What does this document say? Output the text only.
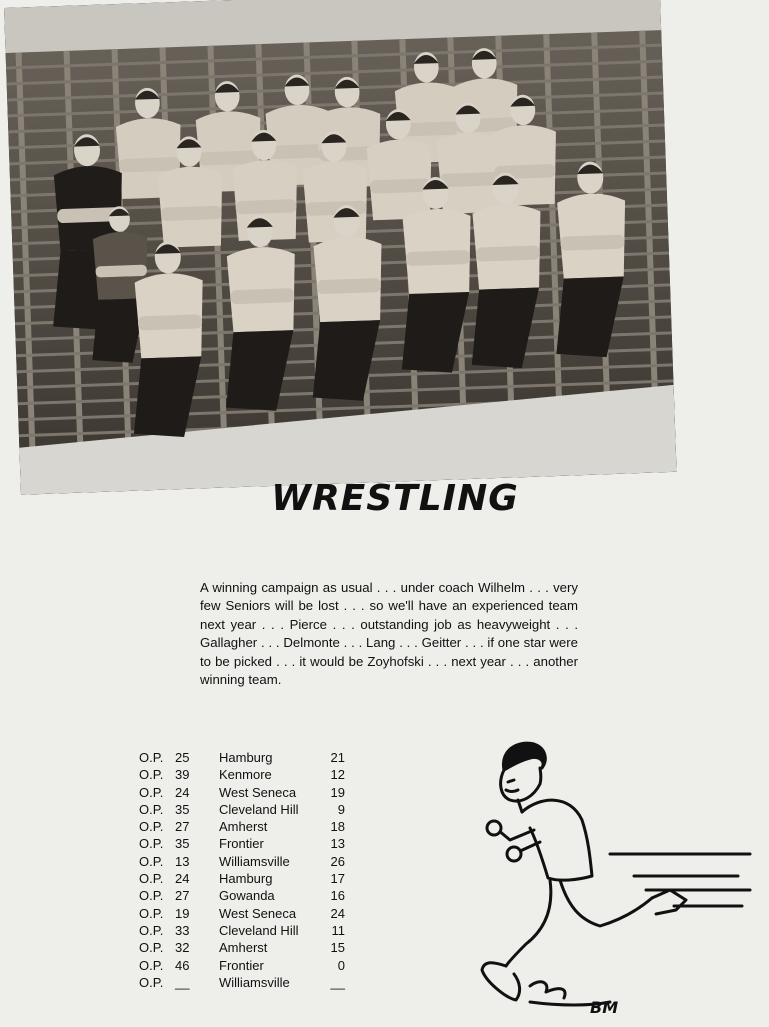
WRESTLING
A winning campaign as usual . . . under coach Wilhelm . . . very few Seniors will be lost . . . so we'll have an experienced team next year . . . Pierce . . . outstanding job as heavyweight . . . Gallagher . . . Delmonte . . . Lang . . . Geitter . . . if one star were to be picked . . . it would be Zoyhofski . . . next year . . . another winning team.
O.P. 25	Hamburg	21
O.P. 39	Kenmore	12
O.P. 24	West Seneca	19
O.P. 35	Cleveland Hill	9
O.P. 27	Amherst	18
O.P. 35	Frontier	13
O.P. 13	Williamsville	26
O.P. 24	Hamburg	17
O.P. 27	Gowanda	16
O.P. 19	West Seneca	24
O.P. 33	Cleveland Hill	11
O.P. 32	Amherst	15
O.P. 46	Frontier	0
O.P. __	Williamsville	__
BM
